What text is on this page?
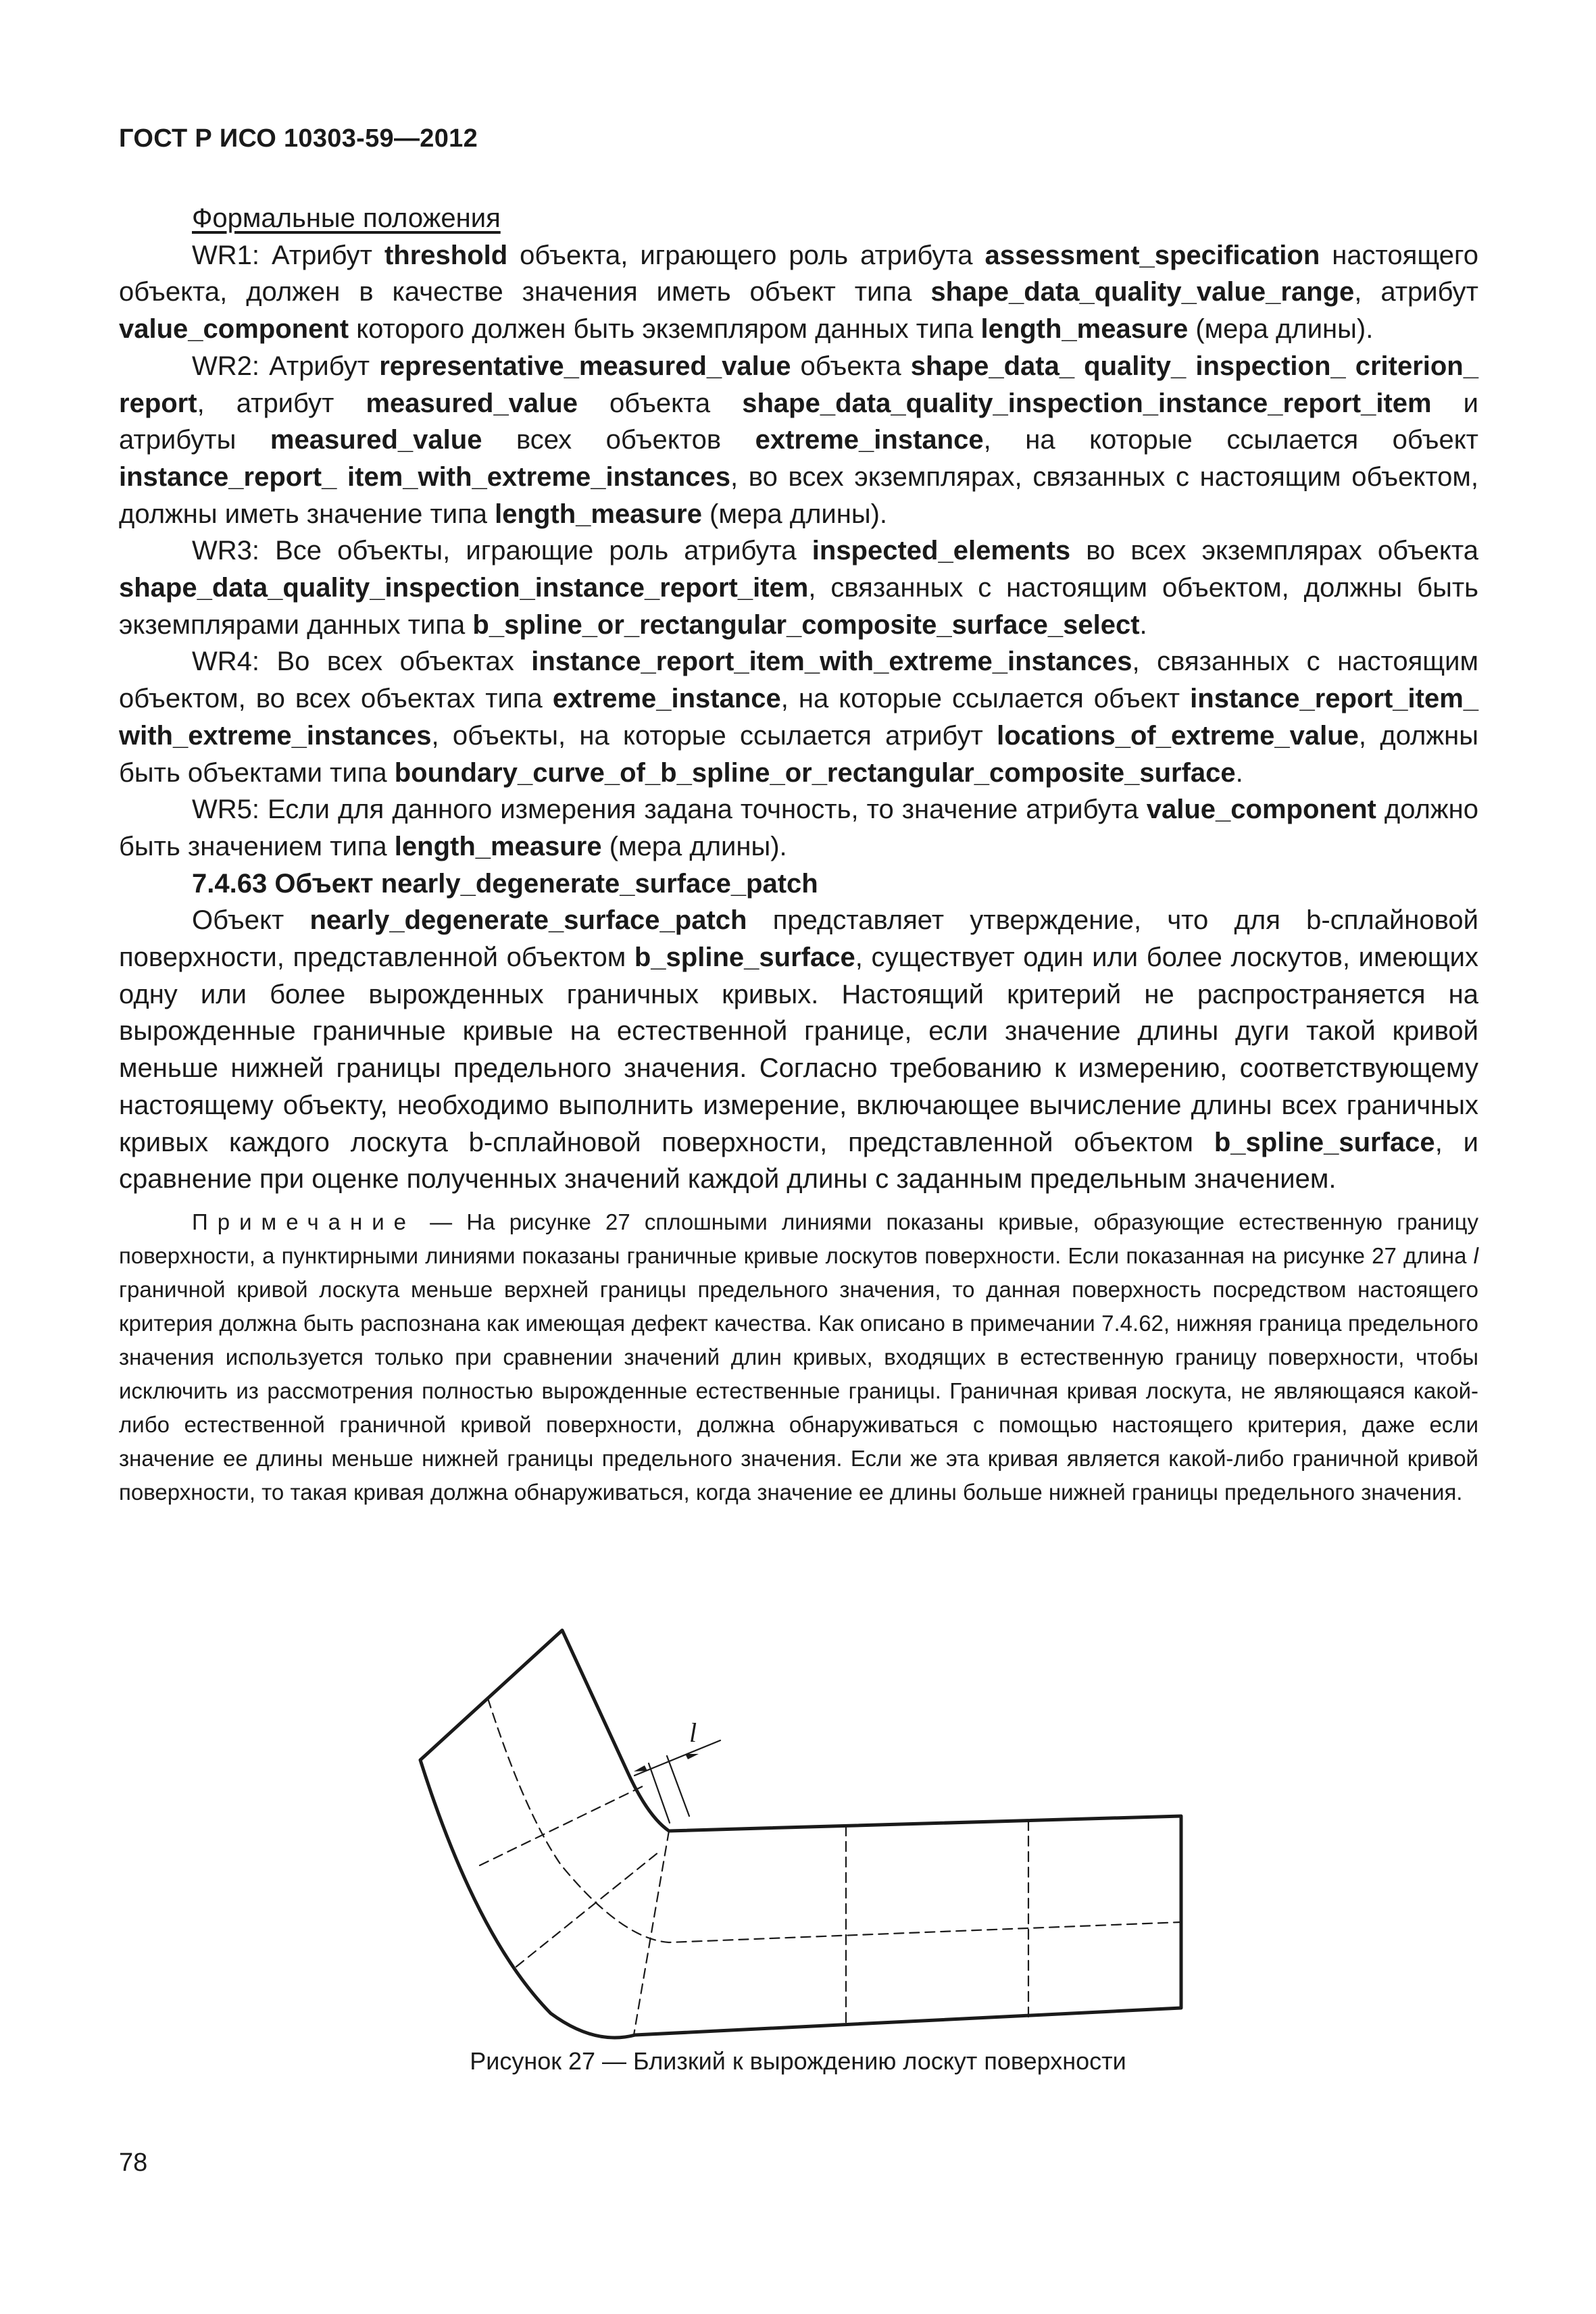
ГОСТ Р ИСО 10303-59—2012

Формальные положения

WR1: Атрибут threshold объекта, играющего роль атрибута assessment_specification настоящего объекта, должен в качестве значения иметь объект типа shape_data_quality_value_range, атрибут value_component которого должен быть экземпляром данных типа length_measure (мера длины).

WR2: Атрибут representative_measured_value объекта shape_data_ quality_ inspection_ criterion_ report, атрибут measured_value объекта shape_data_quality_inspection_instance_report_item и атрибуты measured_value всех объектов extreme_instance, на которые ссылается объект instance_report_ item_with_extreme_instances, во всех экземплярах, связанных с настоящим объектом, должны иметь значение типа length_measure (мера длины).

WR3: Все объекты, играющие роль атрибута inspected_elements во всех экземплярах объекта shape_data_quality_inspection_instance_report_item, связанных с настоящим объектом, должны быть экземплярами данных типа b_spline_or_rectangular_composite_surface_select.

WR4: Во всех объектах instance_report_item_with_extreme_instances, связанных с настоящим объектом, во всех объектах типа extreme_instance, на которые ссылается объект instance_report_item_ with_extreme_instances, объекты, на которые ссылается атрибут locations_of_extreme_value, должны быть объектами типа boundary_curve_of_b_spline_or_rectangular_composite_surface.

WR5: Если для данного измерения задана точность, то значение атрибута value_component должно быть значением типа length_measure (мера длины).

7.4.63 Объект nearly_degenerate_surface_patch

Объект nearly_degenerate_surface_patch представляет утверждение, что для b-сплайновой поверхности, представленной объектом b_spline_surface, существует один или более лоскутов, имеющих одну или более вырожденных граничных кривых. Настоящий критерий не распространяется на вырожденные граничные кривые на естественной границе, если значение длины дуги такой кривой меньше нижней границы предельного значения. Согласно требованию к измерению, соответствующему настоящему объекту, необходимо выполнить измерение, включающее вычисление длины всех граничных кривых каждого лоскута b-сплайновой поверхности, представленной объектом b_spline_surface, и сравнение при оценке полученных значений каждой длины с заданным предельным значением.

Примечание — На рисунке 27 сплошными линиями показаны кривые, образующие естественную границу поверхности, а пунктирными линиями показаны граничные кривые лоскутов поверхности. Если показанная на рисунке 27 длина l граничной кривой лоскута меньше верхней границы предельного значения, то данная поверхность посредством настоящего критерия должна быть распознана как имеющая дефект качества. Как описано в примечании 7.4.62, нижняя граница предельного значения используется только при сравнении значений длин кривых, входящих в естественную границу поверхности, чтобы исключить из рассмотрения полностью вырожденные естественные границы. Граничная кривая лоскута, не являющаяся какой-либо естественной граничной кривой поверхности, должна обнаруживаться с помощью настоящего критерия, даже если значение ее длины меньше нижней границы предельного значения. Если же эта кривая является какой-либо граничной кривой поверхности, то такая кривая должна обнаруживаться, когда значение ее длины больше нижней границы предельного значения.

l
Рисунок 27 — Близкий к вырождению лоскут поверхности
78
